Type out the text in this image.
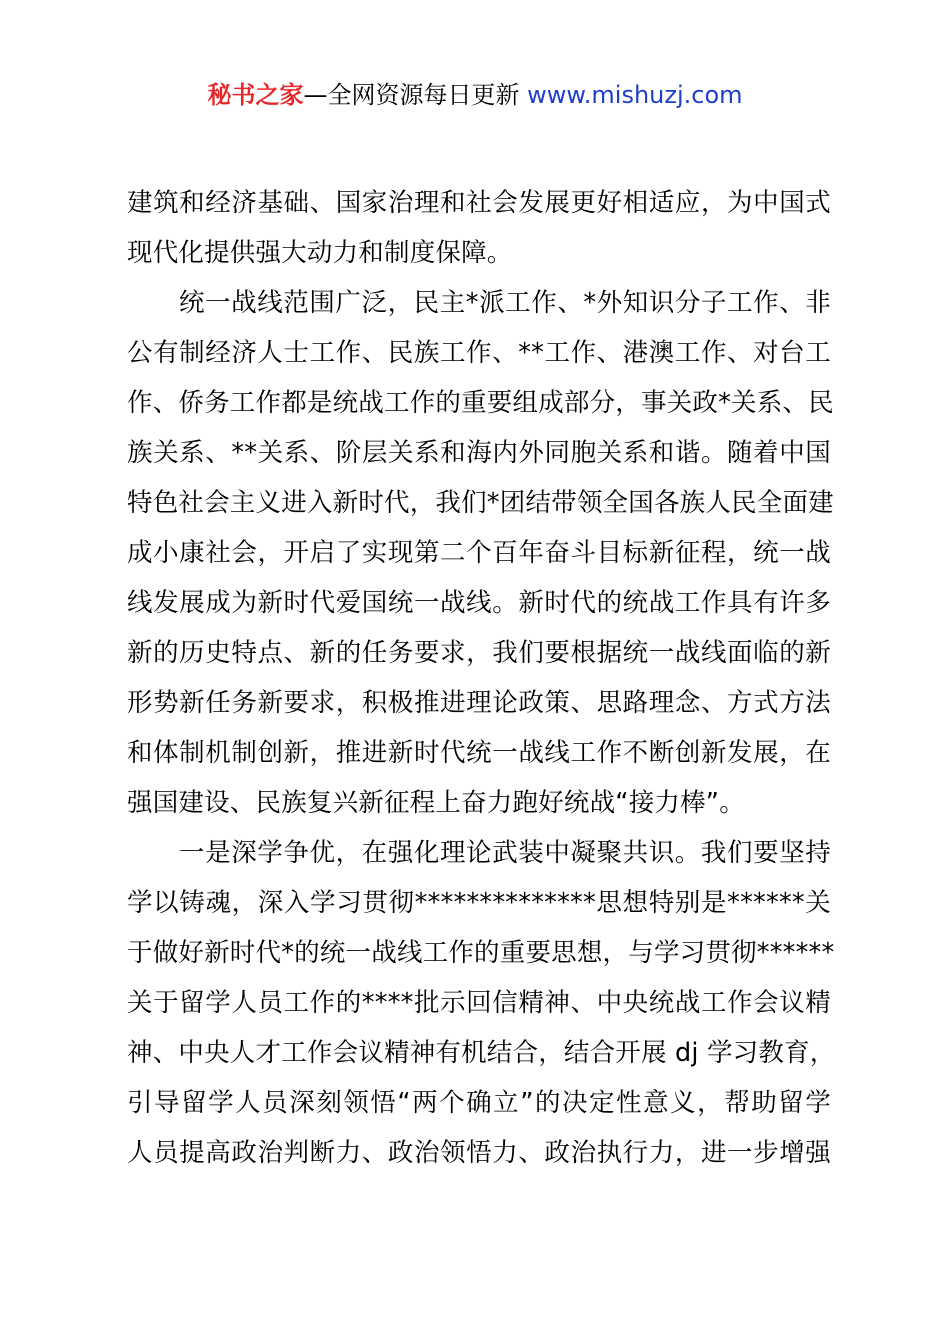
秘书之家—全网资源每日更新 www.mishuzj.com
建筑和经济基础、国家治理和社会发展更好相适应，为中国式
现代化提供强大动力和制度保障。
统一战线范围广泛，民主*派工作、*外知识分子工作、非
公有制经济人士工作、民族工作、**工作、港澳工作、对台工
作、侨务工作都是统战工作的重要组成部分，事关政*关系、民
族关系、**关系、阶层关系和海内外同胞关系和谐。随着中国
特色社会主义进入新时代，我们*团结带领全国各族人民全面建
成小康社会，开启了实现第二个百年奋斗目标新征程，统一战
线发展成为新时代爱国统一战线。新时代的统战工作具有许多
新的历史特点、新的任务要求，我们要根据统一战线面临的新
形势新任务新要求，积极推进理论政策、思路理念、方式方法
和体制机制创新，推进新时代统一战线工作不断创新发展，在
强国建设、民族复兴新征程上奋力跑好统战“接力棒”。
一是深学争优，在强化理论武装中凝聚共识。我们要坚持
学以铸魂，深入学习贯彻**************思想特别是******关
于做好新时代*的统一战线工作的重要思想，与学习贯彻******
关于留学人员工作的****批示回信精神、中央统战工作会议精
神、中央人才工作会议精神有机结合，结合开展 dj 学习教育，
引导留学人员深刻领悟“两个确立”的决定性意义，帮助留学
人员提高政治判断力、政治领悟力、政治执行力，进一步增强
